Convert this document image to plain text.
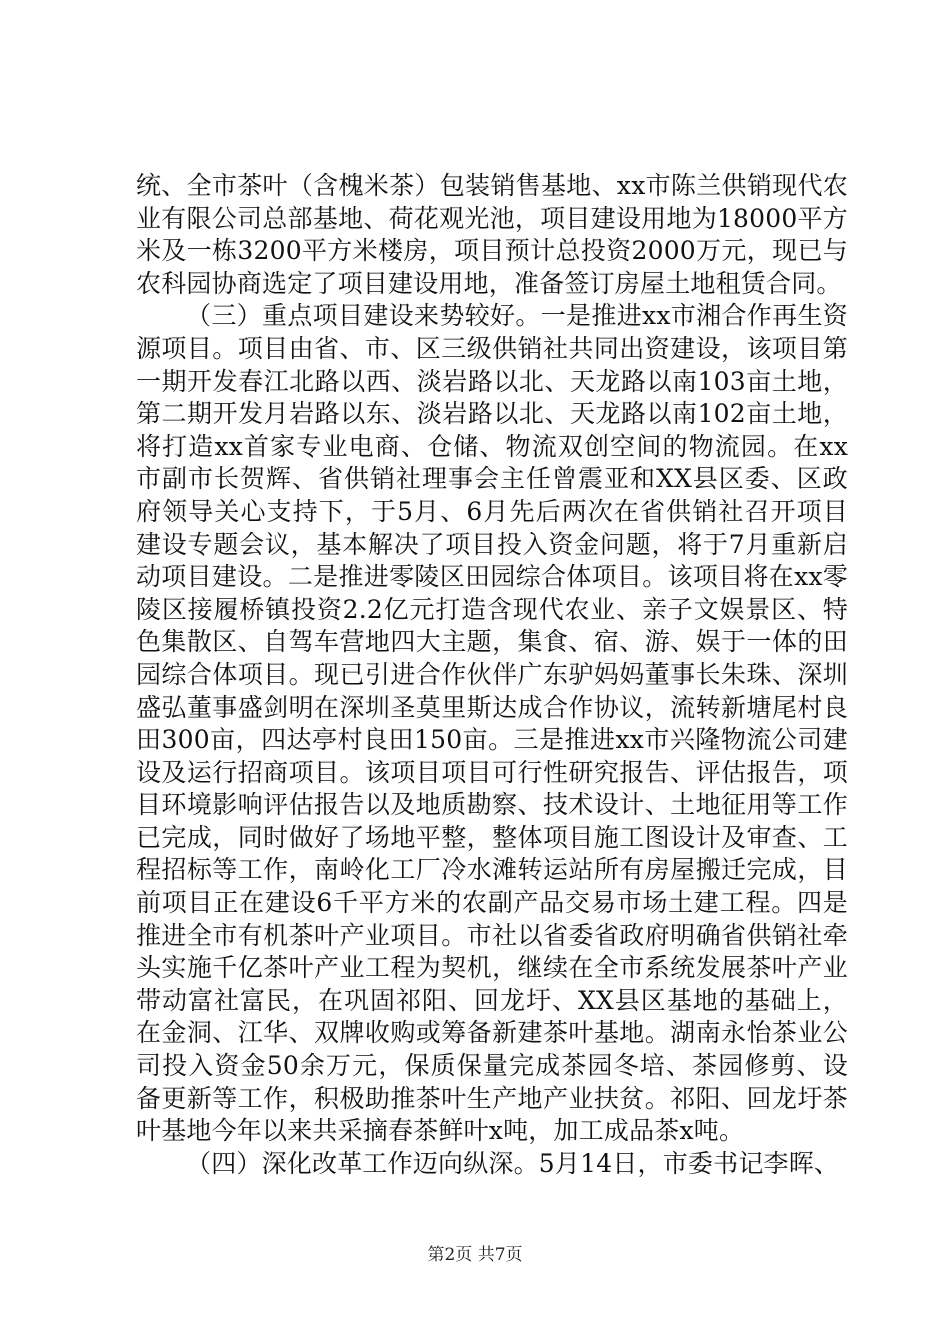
统、全市茶叶（含槐米茶）包装销售基地、xx市陈兰供销现代农业有限公司总部基地、荷花观光池，项目建设用地为18000平方米及一栋3200平方米楼房，项目预计总投资2000万元，现已与农科园协商选定了项目建设用地，准备签订房屋土地租赁合同。

（三）重点项目建设来势较好。一是推进xx市湘合作再生资源项目。项目由省、市、区三级供销社共同出资建设，该项目第一期开发春江北路以西、淡岩路以北、天龙路以南103亩土地，第二期开发月岩路以东、淡岩路以北、天龙路以南102亩土地，将打造xx首家专业电商、仓储、物流双创空间的物流园。在xx市副市长贺辉、省供销社理事会主任曾震亚和XX县区委、区政府领导关心支持下，于5月、6月先后两次在省供销社召开项目建设专题会议，基本解决了项目投入资金问题，将于7月重新启动项目建设。二是推进零陵区田园综合体项目。该项目将在xx零陵区接履桥镇投资2.2亿元打造含现代农业、亲子文娱景区、特色集散区、自驾车营地四大主题，集食、宿、游、娱于一体的田园综合体项目。现已引进合作伙伴广东驴妈妈董事长朱珠、深圳盛弘董事盛剑明在深圳圣莫里斯达成合作协议，流转新塘尾村良田300亩，四达亭村良田150亩。三是推进xx市兴隆物流公司建设及运行招商项目。该项目项目可行性研究报告、评估报告，项目环境影响评估报告以及地质勘察、技术设计、土地征用等工作已完成，同时做好了场地平整，整体项目施工图设计及审查、工程招标等工作，南岭化工厂冷水滩转运站所有房屋搬迁完成，目前项目正在建设6千平方米的农副产品交易市场土建工程。四是推进全市有机茶叶产业项目。市社以省委省政府明确省供销社牵头实施千亿茶叶产业工程为契机，继续在全市系统发展茶叶产业带动富社富民，在巩固祁阳、回龙圩、XX县区基地的基础上，在金洞、江华、双牌收购或筹备新建茶叶基地。湖南永怡茶业公司投入资金50余万元，保质保量完成茶园冬培、茶园修剪、设备更新等工作，积极助推茶叶生产地产业扶贫。祁阳、回龙圩茶叶基地今年以来共采摘春茶鲜叶x吨，加工成品茶x吨。

（四）深化改革工作迈向纵深。5月14日，市委书记李晖、

第2页 共7页
